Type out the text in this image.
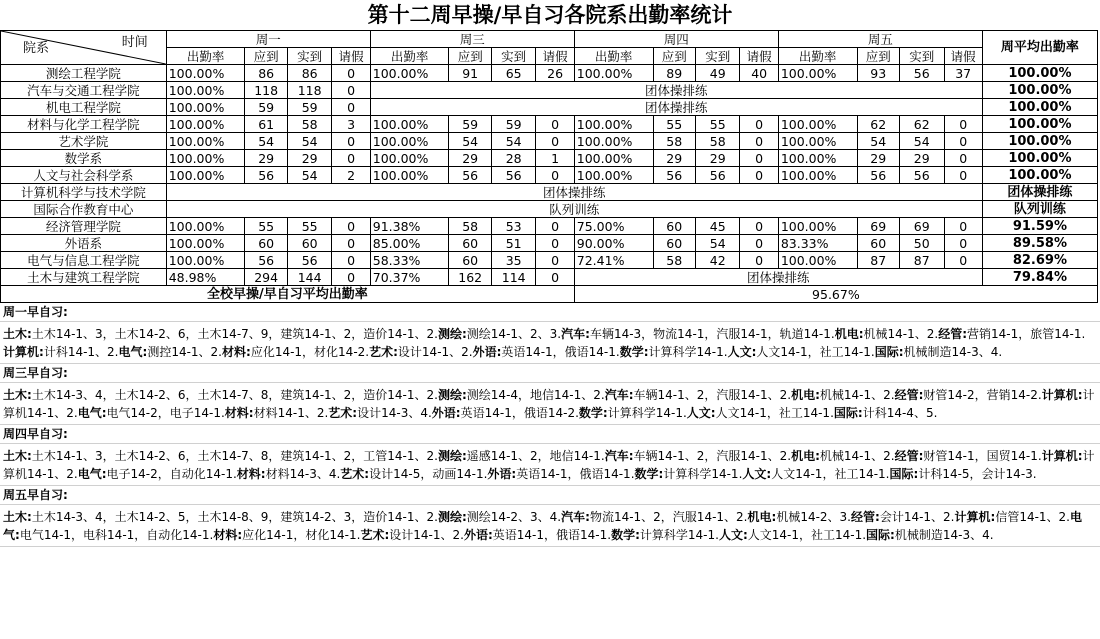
第十二周早操/早自习各院系出勤率统计
院系 时间	周一				周三				周四				周五				周平均出勤率
	出勤率	应到	实到	请假	出勤率	应到	实到	请假	出勤率	应到	实到	请假	出勤率	应到	实到	请假	
测绘工程学院	100.00%	86	86	0	100.00%	91	65	26	100.00%	89	49	40	100.00%	93	56	37	100.00%
汽车与交通工程学院	100.00%	118	118	0	团体操排练												100.00%
机电工程学院	100.00%	59	59	0	团体操排练												100.00%
材料与化学工程学院	100.00%	61	58	3	100.00%	59	59	0	100.00%	55	55	0	100.00%	62	62	0	100.00%
艺术学院	100.00%	54	54	0	100.00%	54	54	0	100.00%	58	58	0	100.00%	54	54	0	100.00%
数学系	100.00%	29	29	0	100.00%	29	28	1	100.00%	29	29	0	100.00%	29	29	0	100.00%
人文与社会科学系	100.00%	56	54	2	100.00%	56	56	0	100.00%	56	56	0	100.00%	56	56	0	100.00%
计算机科学与技术学院	团体操排练																团体操排练
国际合作教育中心	队列训练																队列训练
经济管理学院	100.00%	55	55	0	91.38%	58	53	0	75.00%	60	45	0	100.00%	69	69	0	91.59%
外语系	100.00%	60	60	0	85.00%	60	51	0	90.00%	60	54	0	83.33%	60	50	0	89.58%
电气与信息工程学院	100.00%	56	56	0	58.33%	60	35	0	72.41%	58	42	0	100.00%	87	87	0	82.69%
土木与建筑工程学院	48.98%	294	144	0	70.37%	162	114	0	团体操排练								79.84%
全校早操/早自习平均出勤率									95.67%								
周一早自习:
土木:土木14-1、3，土木14-2、6，土木14-7、9，建筑14-1、2，造价14-1、2.测绘:测绘14-1、2、3.汽车:车辆14-3，物流14-1，汽服14-1，轨道14-1.机电:机械14-1、2.经管:营销14-1，旅管14-1.计算机:计科14-1、2.电气:测控14-1、2.材料:应化14-1，材化14-2.艺术:设计14-1、2.外语:英语14-1，俄语14-1.数学:计算科学14-1.人文:人文14-1，社工14-1.国际:机械制造14-3、4.
周三早自习:
土木:土木14-3、4，土木14-2、6，土木14-7、8，建筑14-1、2，造价14-1、2.测绘:测绘14-4，地信14-1、2.汽车:车辆14-1、2，汽服14-1、2.机电:机械14-1、2.经管:财管14-2，营销14-2.计算机:计算机14-1、2.电气:电气14-2，电子14-1.材料:材料14-1、2.艺术:设计14-3、4.外语:英语14-1，俄语14-2.数学:计算科学14-1.人文:人文14-1，社工14-1.国际:计科14-4、5.
周四早自习:
土木:土木14-1、3，土木14-2、6，土木14-7、8，建筑14-1、2，工管14-1、2.测绘:遥感14-1、2，地信14-1.汽车:车辆14-1、2，汽服14-1、2.机电:机械14-1、2.经管:财管14-1，国贸14-1.计算机:计算机14-1、2.电气:电子14-2，自动化14-1.材料:材料14-3、4.艺术:设计14-5，动画14-1.外语:英语14-1，俄语14-1.数学:计算科学14-1.人文:人文14-1，社工14-1.国际:计科14-5，会计14-3.
周五早自习:
土木:土木14-3、4，土木14-2、5，土木14-8、9，建筑14-2、3，造价14-1、2.测绘:测绘14-2、3、4.汽车:物流14-1、2，汽服14-1、2.机电:机械14-2、3.经管:会计14-1、2.计算机:信管14-1、2.电气:电气14-1，电科14-1，自动化14-1.材料:应化14-1，材化14-1.艺术:设计14-1、2.外语:英语14-1，俄语14-1.数学:计算科学14-1.人文:人文14-1，社工14-1.国际:机械制造14-3、4.
